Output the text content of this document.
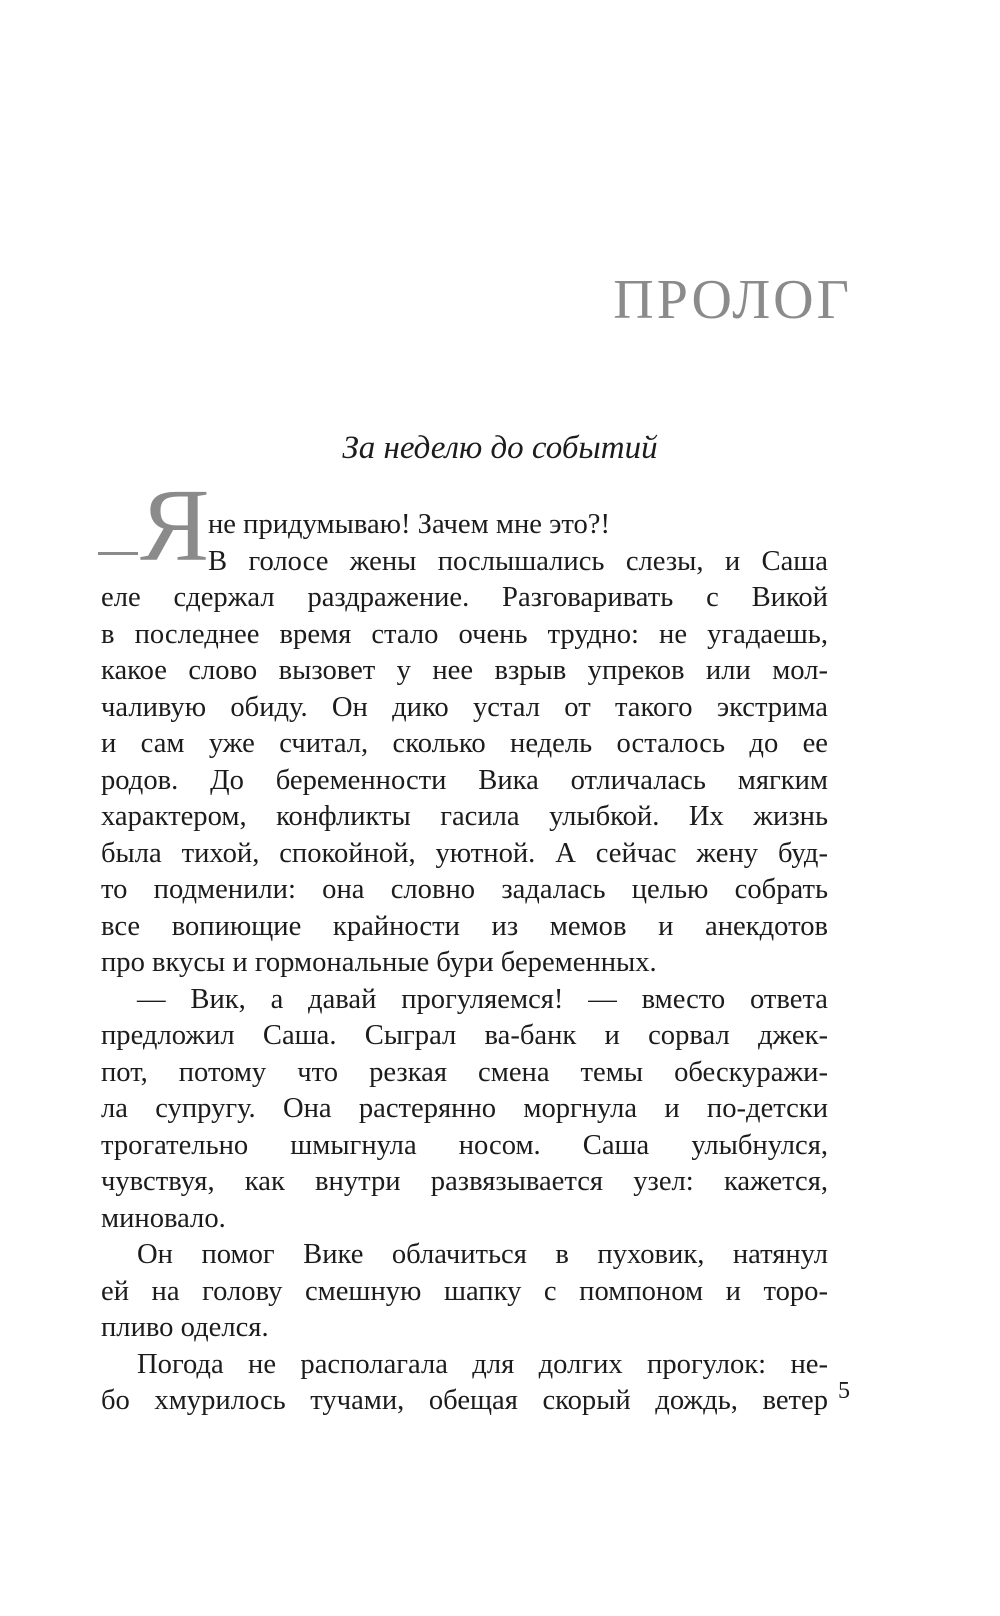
ПРОЛОГ
За неделю до событий
Я
не придумываю! Зачем мне это?!
В голосе жены послышались слезы, и Саша
еле сдержал раздражение. Разговаривать с Викой
в последнее время стало очень трудно: не угадаешь,
какое слово вызовет у нее взрыв упреков или мол-
чаливую обиду. Он дико устал от такого экстрима
и сам уже считал, сколько недель осталось до ее
родов. До беременности Вика отличалась мягким
характером, конфликты гасила улыбкой. Их жизнь
была тихой, спокойной, уютной. А сейчас жену буд-
то подменили: она словно задалась целью собрать
все вопиющие крайности из мемов и анекдотов
про вкусы и гормональные бури беременных.
— Вик, а давай прогуляемся! — вместо ответа
предложил Саша. Сыграл ва-банк и сорвал джек-
пот, потому что резкая смена темы обескуражи-
ла супругу. Она растерянно моргнула и по-детски
трогательно шмыгнула носом. Саша улыбнулся,
чувствуя, как внутри развязывается узел: кажется,
миновало.
Он помог Вике облачиться в пуховик, натянул
ей на голову смешную шапку с помпоном и торо-
пливо оделся.
Погода не располагала для долгих прогулок: не-
бо хмурилось тучами, обещая скорый дождь, ветер 5
